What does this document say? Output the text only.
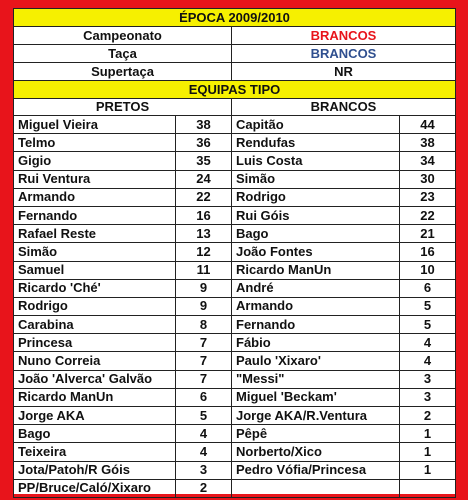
ÉPOCA 2009/2010			
Campeonato		BRANCOS	
Taça		BRANCOS	
Supertaça		NR	
EQUIPAS TIPO			
PRETOS		BRANCOS	
Miguel Vieira	38	Capitão	44
Telmo	36	Rendufas	38
Gigio	35	Luis Costa	34
Rui Ventura	24	Simão	30
Armando	22	Rodrigo	23
Fernando	16	Rui Góis	22
Rafael Reste	13	Bago	21
Simão	12	João Fontes	16
Samuel	11	Ricardo ManUn	10
Ricardo 'Ché'	9	André	6
Rodrigo	9	Armando	5
Carabina	8	Fernando	5
Princesa	7	Fábio	4
Nuno Correia	7	Paulo 'Xixaro'	4
João 'Alverca' Galvão	7	"Messi"	3
Ricardo ManUn	6	Miguel 'Beckam'	3
Jorge AKA	5	Jorge AKA/R.Ventura	2
Bago	4	Pêpê	1
Teixeira	4	Norberto/Xico	1
Jota/Patoh/R Góis	3	Pedro Vófia/Princesa	1
PP/Bruce/Caló/Xixaro	2		
